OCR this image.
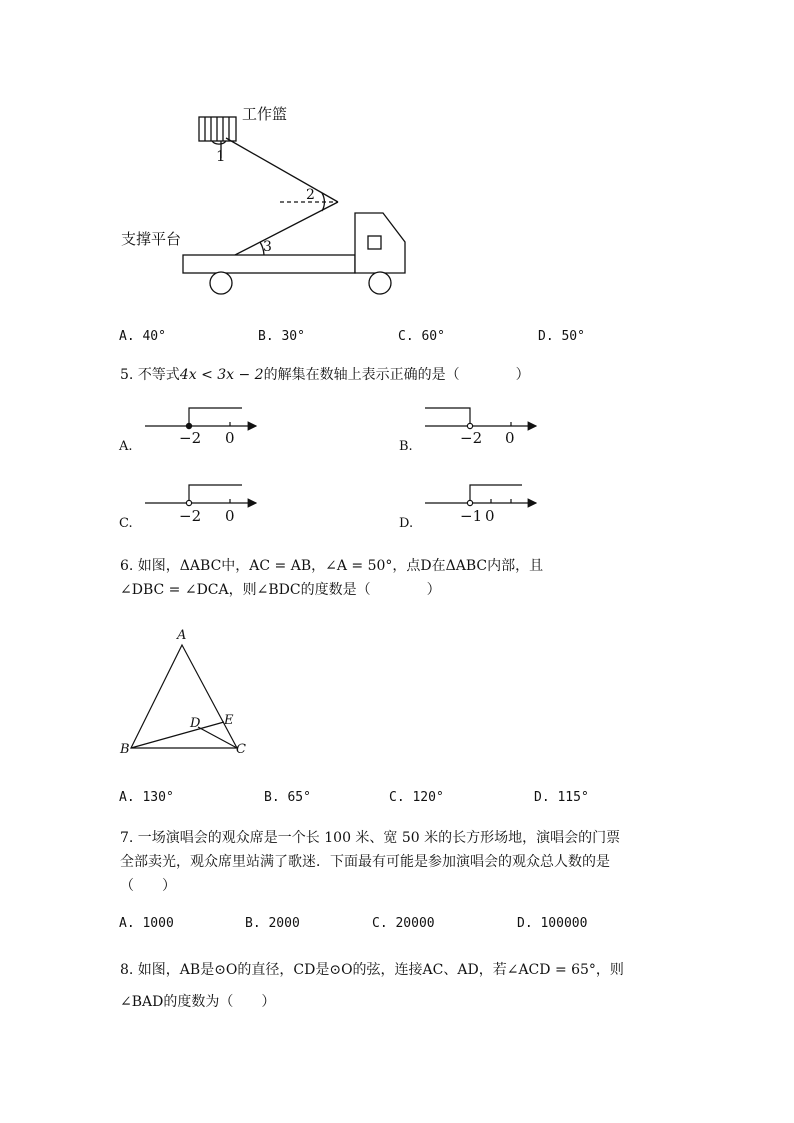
工作篮
支撑平台
1
2
3
A. 40°	B. 30°	C. 60°	D. 50°
5. 不等式4x < 3x − 2的解集在数轴上表示正确的是（　　　　）
A.	−2 0	B.	−2 0
C.	−2 0	D.	−1 0
6. 如图，ΔABC中，AC = AB，∠A = 50°，点D在ΔABC内部，且
∠DBC = ∠DCA，则∠BDC的度数是（　　　　）
A
B	C
D E
A. 130°	B. 65°	C. 120°	D. 115°
7. 一场演唱会的观众席是一个长 100 米、宽 50 米的长方形场地，演唱会的门票
全部卖光，观众席里站满了歌迷．下面最有可能是参加演唱会的观众总人数的是
（　　）
A. 1000	B. 2000	C. 20000	D. 100000
8. 如图，AB是⊙O的直径，CD是⊙O的弦，连接AC、AD，若∠ACD = 65°，则
∠BAD的度数为（　　）
